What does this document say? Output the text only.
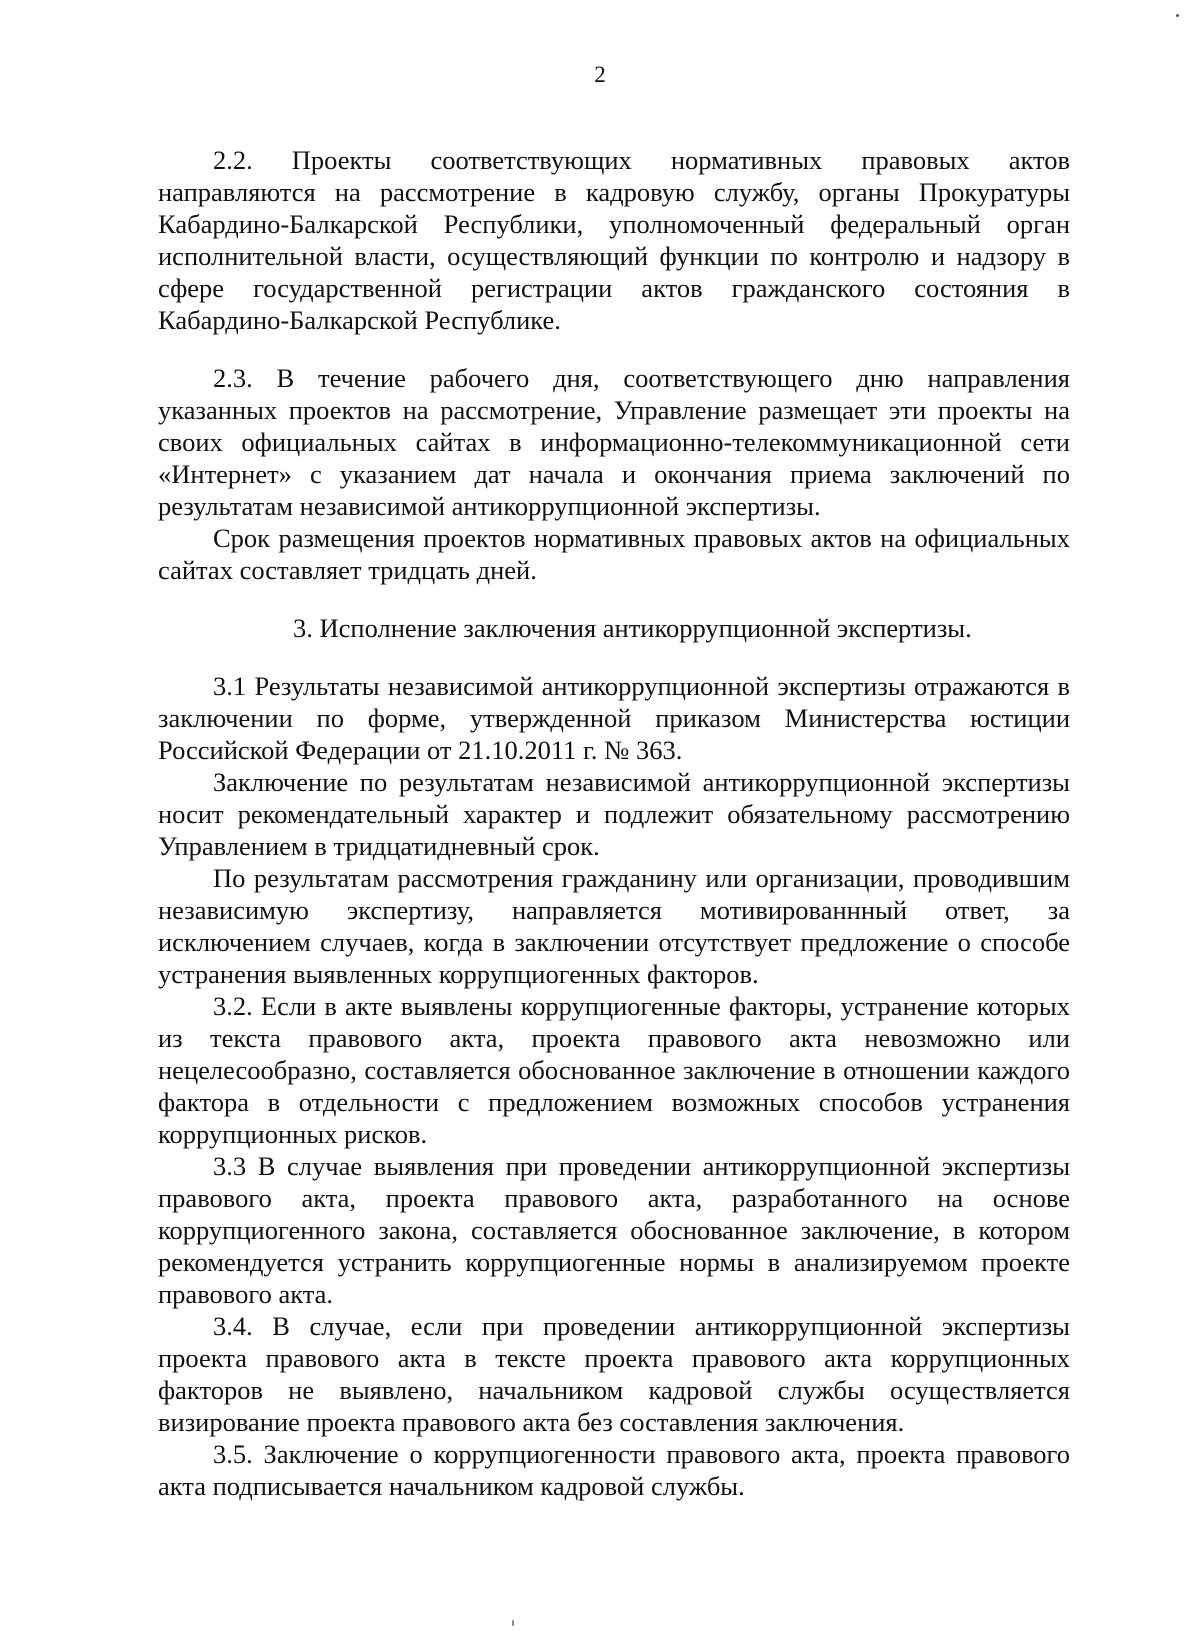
2

2.2. Проекты соответствующих нормативных правовых актов направляются на рассмотрение в кадровую службу, органы Прокуратуры Кабардино-Балкарской Республики, уполномоченный федеральный орган исполнительной власти, осуществляющий функции по контролю и надзору в сфере государственной регистрации актов гражданского состояния в Кабардино-Балкарской Республике.

2.3. В течение рабочего дня, соответствующего дню направления указанных проектов на рассмотрение, Управление размещает эти проекты на своих официальных сайтах в информационно-телекоммуникационной сети «Интернет» с указанием дат начала и окончания приема заключений по результатам независимой антикоррупционной экспертизы.

Срок размещения проектов нормативных правовых актов на официальных сайтах составляет тридцать дней.

3. Исполнение заключения антикоррупционной экспертизы.

3.1 Результаты независимой антикоррупционной экспертизы отражаются в заключении по форме, утвержденной приказом Министерства юстиции Российской Федерации от 21.10.2011 г. № 363.

Заключение по результатам независимой антикоррупционной экспертизы носит рекомендательный характер и подлежит обязательному рассмотрению Управлением в тридцатидневный срок.

По результатам рассмотрения гражданину или организации, проводившим независимую экспертизу, направляется мотивированнный ответ, за исключением случаев, когда в заключении отсутствует предложение о способе устранения выявленных коррупциогенных факторов.

3.2. Если в акте выявлены коррупциогенные факторы, устранение которых из текста правового акта, проекта правового акта невозможно или нецелесообразно, составляется обоснованное заключение в отношении каждого фактора в отдельности с предложением возможных способов устранения коррупционных рисков.

3.3 В случае выявления при проведении антикоррупционной экспертизы правового акта, проекта правового акта, разработанного на основе коррупциогенного закона, составляется обоснованное заключение, в котором рекомендуется устранить коррупциогенные нормы в анализируемом проекте правового акта.

3.4. В случае, если при проведении антикоррупционной экспертизы проекта правового акта в тексте проекта правового акта коррупционных факторов не выявлено, начальником кадровой службы осуществляется визирование проекта правового акта без составления заключения.

3.5. Заключение о коррупциогенности правового акта, проекта правового акта подписывается начальником кадровой службы.
